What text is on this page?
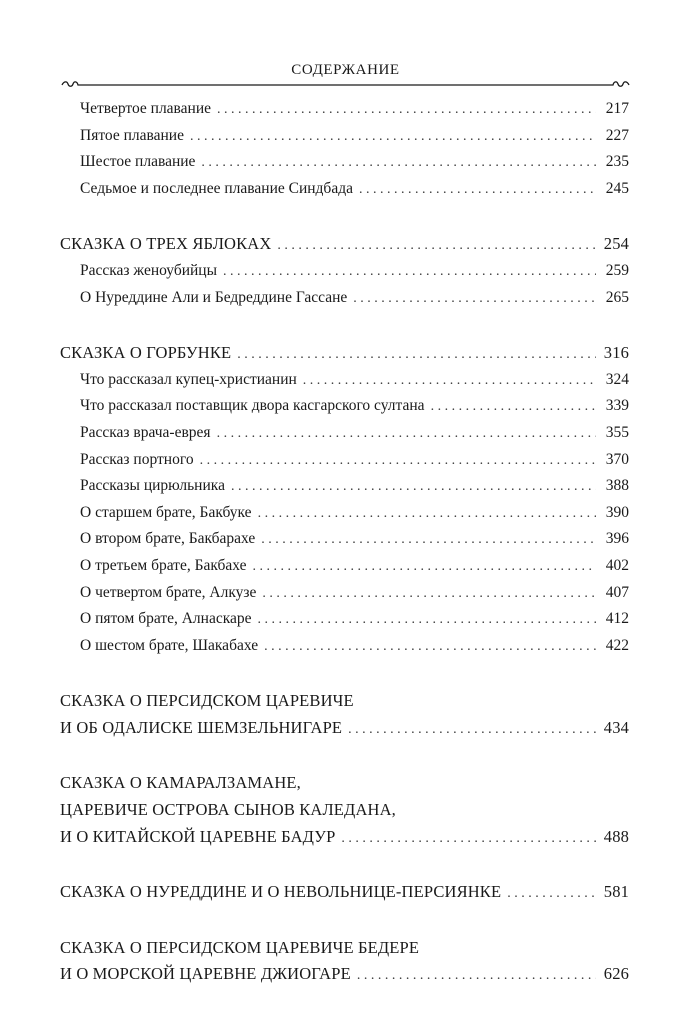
СОДЕРЖАНИЕ
Четвертое плавание . . .	217
Пятое плавание . . .	227
Шестое плавание . . .	235
Седьмое и последнее плавание Синдбада . . .	245
СКАЗКА О ТРЕХ ЯБЛОКАХ . . .	254
Рассказ женоубийцы . . .	259
О Нуреддине Али и Бедреддине Гассане . . .	265
СКАЗКА О ГОРБУНКЕ . . .	316
Что рассказал купец-христианин . . .	324
Что рассказал поставщик двора касгарского султана . . .	339
Рассказ врача-еврея . . .	355
Рассказ портного . . .	370
Рассказы цирюльника . . .	388
О старшем брате, Бакбуке . . .	390
О втором брате, Бакбарахе . . .	396
О третьем брате, Бакбахе . . .	402
О четвертом брате, Алкузе . . .	407
О пятом брате, Алнаскаре . . .	412
О шестом брате, Шакабахе . . .	422
СКАЗКА О ПЕРСИДСКОМ ЦАРЕВИЧЕ
И ОБ ОДАЛИСКЕ ШЕМЗЕЛЬНИГАРЕ . . .	434
СКАЗКА О КАМАРАЛЗАМАНЕ,
ЦАРЕВИЧЕ ОСТРОВА СЫНОВ КАЛЕДАНА,
И О КИТАЙСКОЙ ЦАРЕВНЕ БАДУР . . .	488
СКАЗКА О НУРЕДДИНЕ И О НЕВОЛЬНИЦЕ-ПЕРСИЯНКЕ . . .	581
СКАЗКА О ПЕРСИДСКОМ ЦАРЕВИЧЕ БЕДЕРЕ
И О МОРСКОЙ ЦАРЕВНЕ ДЖИОГАРЕ . . .	626
